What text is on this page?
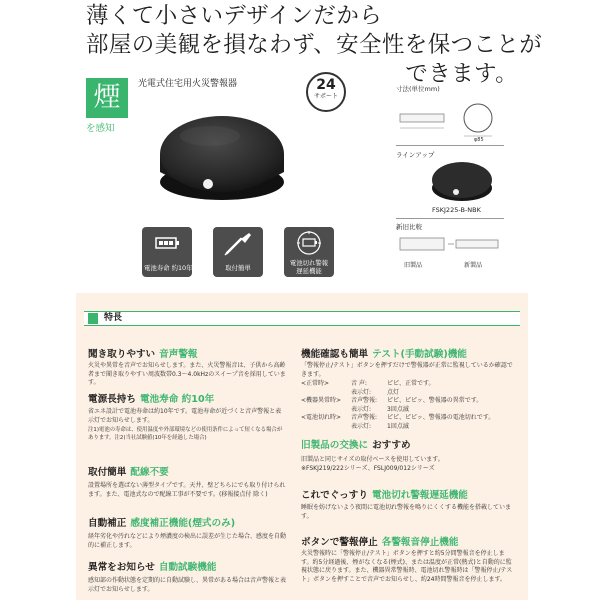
薄くて小さいデザインだから
部屋の美観を損なわず、安全性を保つことが
できます。
煙
を感知
光電式住宅用火災警報器	24
サポート
電池寿命 約10年	取付簡単
電池切れ警報
遅延機能
寸法(単位mm)
φ85
ラインアップ
FSKJ225-B-NBK
新旧比較
旧製品	新製品
特長
聞き取りやすい 音声警報
火災や異常を音声でお知らせします。また、火災警報音は、子供から高齢者まで聞き取りやすい周波数帯0.3〜4.0kHzのスイープ音を採用しています。
電源長持ち 電池寿命 約10年
省エネ設計で電池寿命は約10年です。電池寿命が近づくと音声警報と表示灯でお知らせします。
注1)電池の寿命は、使用温度や外部環境などの使用条件によって短くなる場合があります。注2)当社試験値(10年を経過した場合)
取付簡単 配線不要
設置場所を選ばない薄型タイプです。天井、壁どちらにでも取り付けられます。また、電池式なので配線工事が不要です。(移報接点付 除く)
自動補正 感度補正機能(煙式のみ)
経年劣化や汚れなどにより煙濃度の検出に誤差が生じた場合、感度を自動的に補正します。
異常をお知らせ 自動試験機能
感知部の作動状態を定期的に自動試験し、異常がある場合は音声警報と表示灯でお知らせします。
機能確認も簡単 テスト(手動試験)機能
「警報停止/テスト」ボタンを押すだけで警報器が正常に監視しているか確認できます。
<正常時>	音 声:	ピピ、正常です。
表示灯:	点灯
<機器異常時>	音声警報:	ピピ、ピピッ、警報器の異常です。
表示灯:	3回点滅
<電池切れ時>	音声警報:	ピピ、ピピッ、警報器の電池切れです。
表示灯:	1回点滅
旧製品の交換に おすすめ
旧製品と同じサイズの取付ベースを使用しています。
※FSKJ219/222シリーズ、FSLJ009/012シリーズ
これでぐっすり 電池切れ警報遅延機能
睡眠を妨げないよう夜間に電池切れ警報を鳴りにくくする機能を搭載しています。
ボタンで警報停止 各警報音停止機能
火災警報時に「警報停止/テスト」ボタンを押すと約5分間警報音を停止します。約5分経過後、煙がなくなる(煙式)、または温度が正常(熱式)と自動的に監視状態に戻ります。また、機器異常警報時、電池切れ警報時は「警報停止/テスト」ボタンを押すことで音声でお知らせし、約24時間警報音を停止します。
